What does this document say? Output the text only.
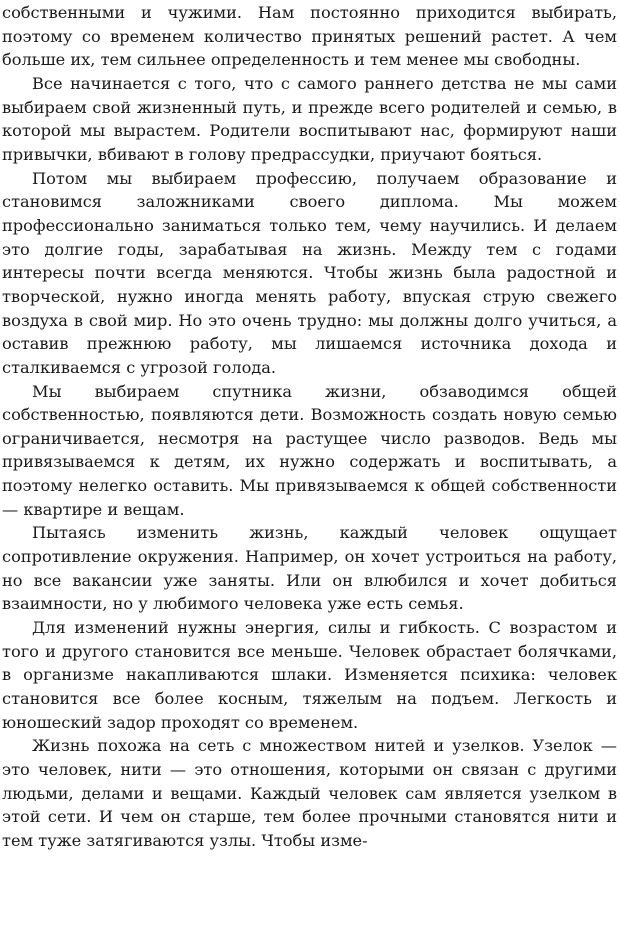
собственными и чужими. Нам постоянно приходится выбирать, поэтому со временем количество принятых решений растет. А чем больше их, тем сильнее определенность и тем менее мы свободны.

Все начинается с того, что с самого раннего детства не мы сами выбираем свой жизненный путь, и прежде всего родителей и семью, в которой мы вырастем. Родители воспитывают нас, формируют наши привычки, вбивают в голову предрассудки, приучают бояться.

Потом мы выбираем профессию, получаем образование и становимся заложниками своего диплома. Мы можем профессионально заниматься только тем, чему научились. И делаем это долгие годы, зарабатывая на жизнь. Между тем с годами интересы почти всегда меняются. Чтобы жизнь была радостной и творческой, нужно иногда менять работу, впуская струю свежего воздуха в свой мир. Но это очень трудно: мы должны долго учиться, а оставив прежнюю работу, мы лишаемся источника дохода и сталкиваемся с угрозой голода.

Мы выбираем спутника жизни, обзаводимся общей собственностью, появляются дети. Возможность создать новую семью ограничивается, несмотря на растущее число разводов. Ведь мы привязываемся к детям, их нужно содержать и воспитывать, а поэтому нелегко оставить. Мы привязываемся к общей собственности — квартире и вещам.

Пытаясь изменить жизнь, каждый человек ощущает сопротивление окружения. Например, он хочет устроиться на работу, но все вакансии уже заняты. Или он влюбился и хочет добиться взаимности, но у любимого человека уже есть семья.

Для изменений нужны энергия, силы и гибкость. С возрастом и того и другого становится все меньше. Человек обрастает болячками, в организме накапливаются шлаки. Изменяется психика: человек становится все более косным, тяжелым на подъем. Легкость и юношеский задор проходят со временем.

Жизнь похожа на сеть с множеством нитей и узелков. Узелок — это человек, нити — это отношения, которыми он связан с другими людьми, делами и вещами. Каждый человек сам является узелком в этой сети. И чем он старше, тем более прочными становятся нити и тем туже затягиваются узлы. Чтобы изме-
